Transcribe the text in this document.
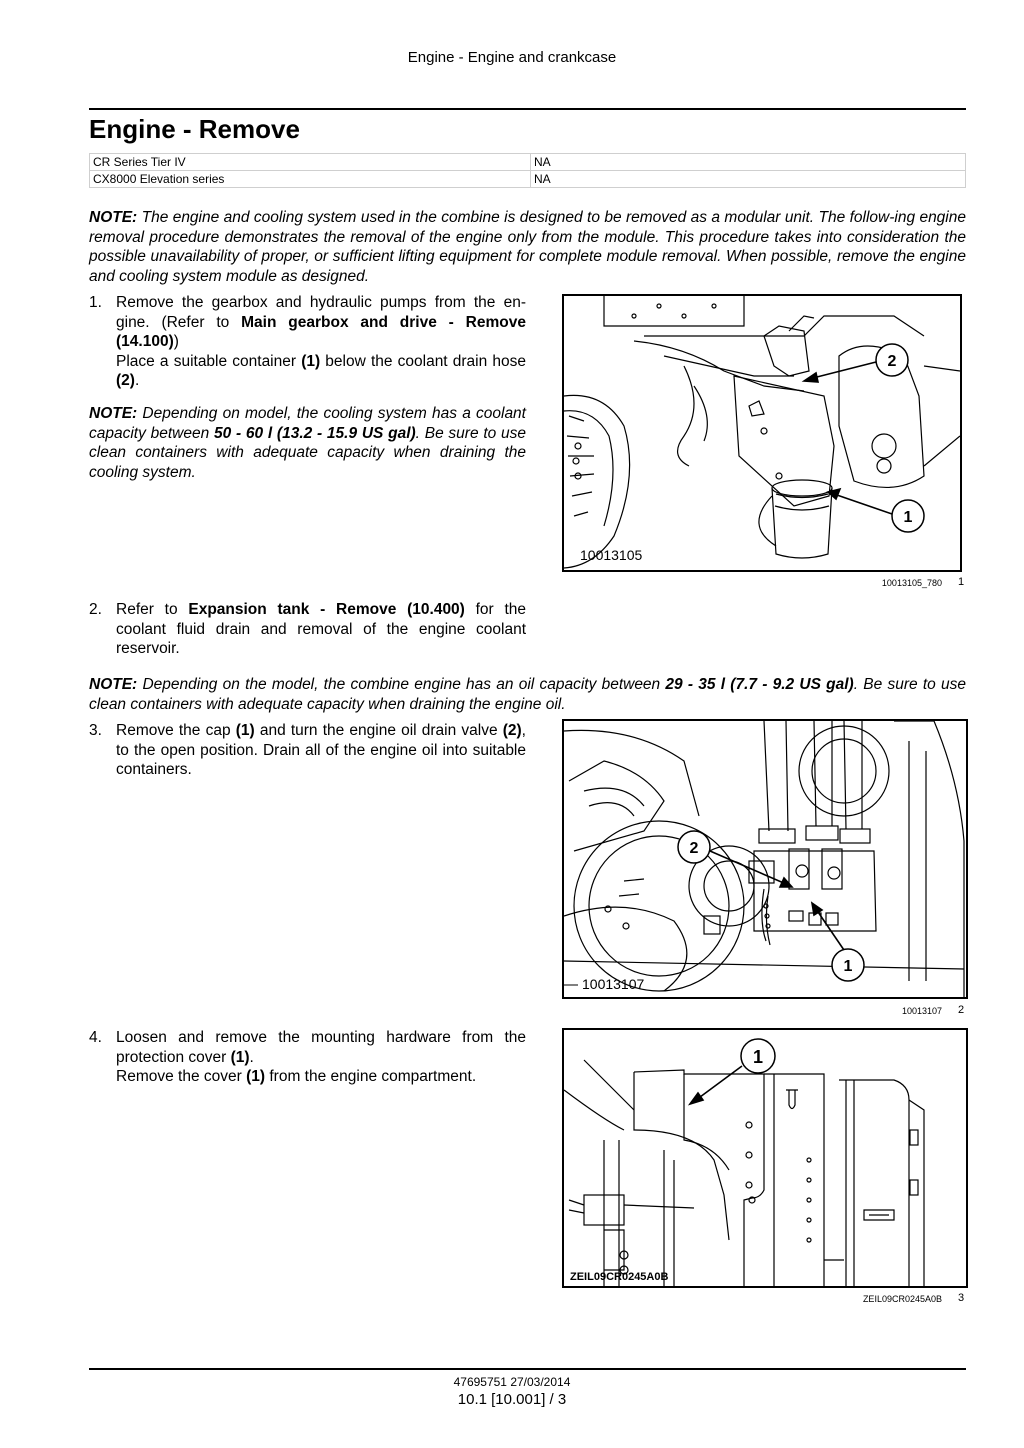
Engine - Engine and crankcase
Engine - Remove
CR Series Tier IV	NA
CX8000 Elevation series	NA
NOTE: The engine and cooling system used in the combine is designed to be removed as a modular unit. The follow-ing engine removal procedure demonstrates the removal of the engine only from the module. This procedure takes into consideration the possible unavailability of proper, or sufficient lifting equipment for complete module removal. When possible, remove the engine and cooling system module as designed.
1. Remove the gearbox and hydraulic pumps from the en-gine. (Refer to Main gearbox and drive - Remove (14.100))
Place a suitable container (1) below the coolant drain hose (2).
NOTE: Depending on model, the cooling system has a coolant capacity between 50 - 60 l (13.2 - 15.9 US gal). Be sure to use clean containers with adequate capacity when draining the cooling system.
2
1
10013105
10013105_780 1
2. Refer to Expansion tank - Remove (10.400) for the coolant fluid drain and removal of the engine coolant reservoir.
NOTE: Depending on the model, the combine engine has an oil capacity between 29 - 35 l (7.7 - 9.2 US gal). Be sure to use clean containers with adequate capacity when draining the engine oil.
3. Remove the cap (1) and turn the engine oil drain valve (2), to the open position. Drain all of the engine oil into suitable containers.
2
1
10013107
10013107 2
4. Loosen and remove the mounting hardware from the protection cover (1).
Remove the cover (1) from the engine compartment.
1
ZEIL09CR0245A0B
ZEIL09CR0245A0B 3
47695751 27/03/2014
10.1 [10.001] / 3
